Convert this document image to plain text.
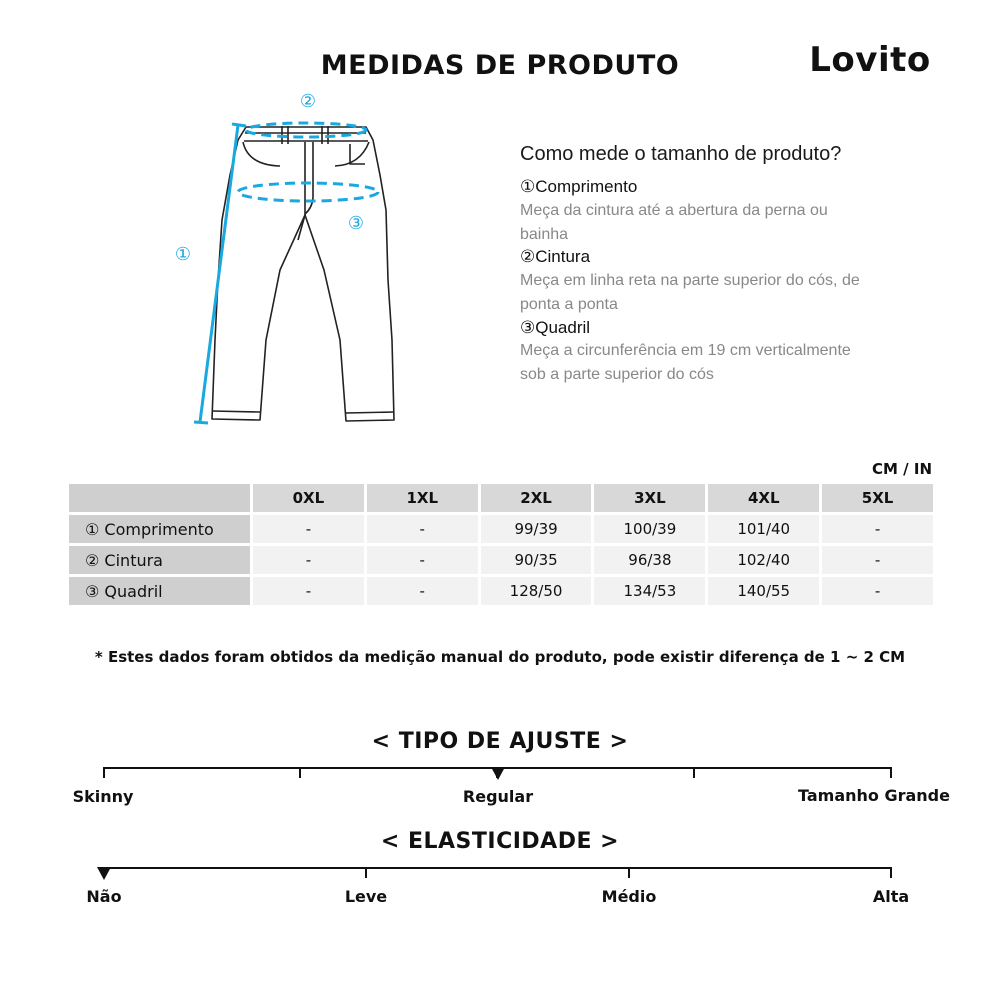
MEDIDAS DE PRODUTO	Lovito
①
②
③
Como mede o tamanho de produto?
①Comprimento
Meça da cintura até a abertura da perna ou
bainha
②Cintura
Meça em linha reta na parte superior do cós, de
ponta a ponta
③Quadril
Meça a circunferência em 19 cm verticalmente
sob a parte superior do cós
CM / IN
	0XL	1XL	2XL	3XL	4XL	5XL
① Comprimento	-	-	99/39	100/39	101/40	-
② Cintura	-	-	90/35	96/38	102/40	-
③ Quadril	-	-	128/50	134/53	140/55	-
* Estes dados foram obtidos da medição manual do produto, pode existir diferença de 1 ~ 2 CM
< TIPO DE AJUSTE >
Skinny	Regular	Tamanho Grande
< ELASTICIDADE >
Não	Leve	Médio	Alta
